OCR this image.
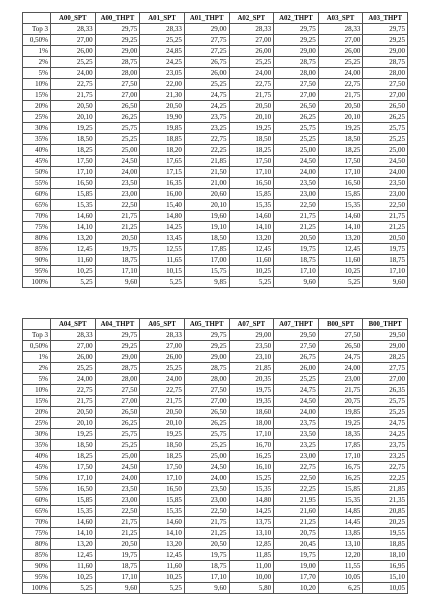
	A00_SPT	A00_THPT	A01_SPT	A01_THPT	A02_SPT	A02_THPT	A03_SPT	A03_THPT
Top 3	28,33	29,75	28,33	29,00	28,33	29,75	28,33	29,75
0,50%	27,00	29,25	25,25	27,75	27,00	29,25	27,00	29,25
1%	26,00	29,00	24,85	27,25	26,00	29,00	26,00	29,00
2%	25,25	28,75	24,25	26,75	25,25	28,75	25,25	28,75
5%	24,00	28,00	23,05	26,00	24,00	28,00	24,00	28,00
10%	22,75	27,50	22,00	25,25	22,75	27,50	22,75	27,50
15%	21,75	27,00	21,30	24,75	21,75	27,00	21,75	27,00
20%	20,50	26,50	20,50	24,25	20,50	26,50	20,50	26,50
25%	20,10	26,25	19,90	23,75	20,10	26,25	20,10	26,25
30%	19,25	25,75	19,85	23,25	19,25	25,75	19,25	25,75
35%	18,50	25,25	18,85	22,75	18,50	25,25	18,50	25,25
40%	18,25	25,00	18,20	22,25	18,25	25,00	18,25	25,00
45%	17,50	24,50	17,65	21,85	17,50	24,50	17,50	24,50
50%	17,10	24,00	17,15	21,50	17,10	24,00	17,10	24,00
55%	16,50	23,50	16,35	21,00	16,50	23,50	16,50	23,50
60%	15,85	23,00	16,00	20,60	15,85	23,00	15,85	23,00
65%	15,35	22,50	15,40	20,10	15,35	22,50	15,35	22,50
70%	14,60	21,75	14,80	19,60	14,60	21,75	14,60	21,75
75%	14,10	21,25	14,25	19,10	14,10	21,25	14,10	21,25
80%	13,20	20,50	13,45	18,50	13,20	20,50	13,20	20,50
85%	12,45	19,75	12,55	17,85	12,45	19,75	12,45	19,75
90%	11,60	18,75	11,65	17,00	11,60	18,75	11,60	18,75
95%	10,25	17,10	10,15	15,75	10,25	17,10	10,25	17,10
100%	5,25	9,60	5,25	9,85	5,25	9,60	5,25	9,60
	A04_SPT	A04_THPT	A05_SPT	A05_THPT	A07_SPT	A07_THPT	B00_SPT	B00_THPT
Top 3	28,33	29,75	28,33	29,75	29,00	29,50	27,50	29,50
0,50%	27,00	29,25	27,00	29,25	23,50	27,50	26,50	29,00
1%	26,00	29,00	26,00	29,00	23,10	26,75	24,75	28,25
2%	25,25	28,75	25,25	28,75	21,85	26,00	24,00	27,75
5%	24,00	28,00	24,00	28,00	20,35	25,25	23,00	27,00
10%	22,75	27,50	22,75	27,50	19,75	24,75	21,75	26,35
15%	21,75	27,00	21,75	27,00	19,35	24,50	20,75	25,75
20%	20,50	26,50	20,50	26,50	18,60	24,00	19,85	25,25
25%	20,10	26,25	20,10	26,25	18,00	23,75	19,25	24,75
30%	19,25	25,75	19,25	25,75	17,10	23,50	18,35	24,25
35%	18,50	25,25	18,50	25,25	16,70	23,25	17,85	23,75
40%	18,25	25,00	18,25	25,00	16,25	23,00	17,10	23,25
45%	17,50	24,50	17,50	24,50	16,10	22,75	16,75	22,75
50%	17,10	24,00	17,10	24,00	15,25	22,50	16,25	22,25
55%	16,50	23,50	16,50	23,50	15,35	22,25	15,85	21,85
60%	15,85	23,00	15,85	23,00	14,80	21,95	15,35	21,35
65%	15,35	22,50	15,35	22,50	14,25	21,60	14,85	20,85
70%	14,60	21,75	14,60	21,75	13,75	21,25	14,45	20,25
75%	14,10	21,25	14,10	21,25	13,10	20,75	13,85	19,55
80%	13,20	20,50	13,20	20,50	12,85	20,45	13,10	18,85
85%	12,45	19,75	12,45	19,75	11,85	19,75	12,20	18,10
90%	11,60	18,75	11,60	18,75	11,00	19,00	11,55	16,95
95%	10,25	17,10	10,25	17,10	10,00	17,70	10,05	15,10
100%	5,25	9,60	5,25	9,60	5,80	10,20	6,25	10,05
